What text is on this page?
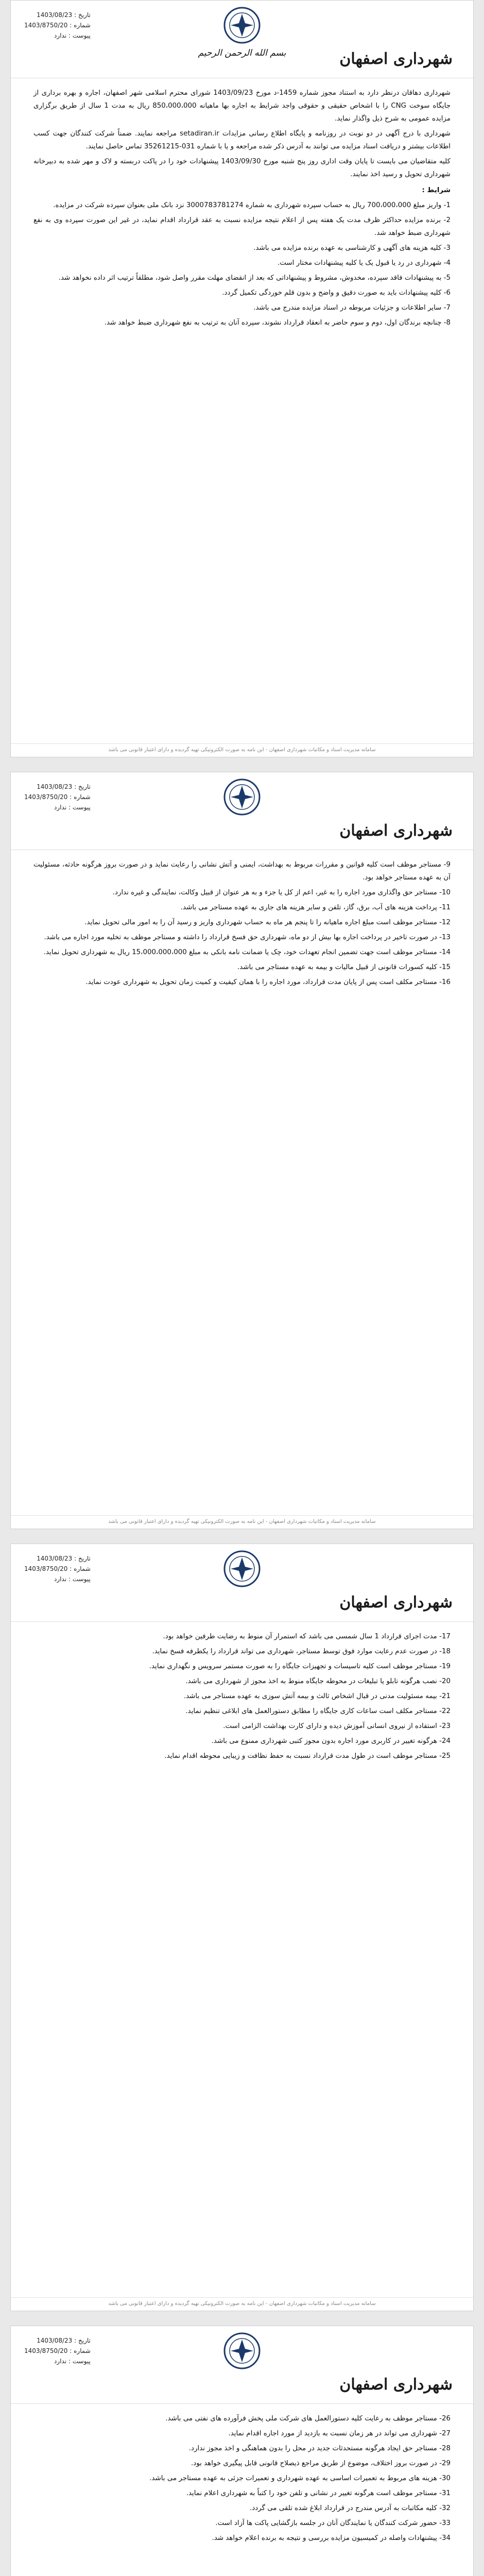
تاریخ : 1403/08/23
شماره : 1403/8750/20
پیوست : ندارد
بسم الله الرحمن الرحیم	شهرداری اصفهان

شهرداری دهاقان درنظر دارد به استناد مجوز شماره 1459-د مورخ 1403/09/23 شورای محترم اسلامی شهر اصفهان، اجاره و بهره برداری از جایگاه سوخت CNG را با اشخاص حقیقی و حقوقی واجد شرایط به اجاره بها ماهیانه 850،000،000 ریال به مدت 1 سال از طریق برگزاری مزایده عمومی به شرح ذیل واگذار نماید.

شهرداری با درج آگهی در دو نوبت در روزنامه و پایگاه اطلاع رسانی مزایدات setadiran.ir مراجعه نمایند. ضمناً شرکت کنندگان جهت کسب اطلاعات بیشتر و دریافت اسناد مزایده می توانند به آدرس ذکر شده مراجعه و یا با شماره 031-35261215 تماس حاصل نمایند.

کلیه متقاضیان می بایست تا پایان وقت اداری روز پنج شنبه مورخ 1403/09/30 پیشنهادات خود را در پاکت دربسته و لاک و مهر شده به دبیرخانه شهرداری تحویل و رسید اخذ نمایند.

شرایط :

1- واریز مبلغ 700،000،000 ریال به حساب سپرده شهرداری به شماره 3000783781274 نزد بانک ملی بعنوان سپرده شرکت در مزایده.

2- برنده مزایده حداکثر ظرف مدت یک هفته پس از اعلام نتیجه مزایده نسبت به عقد قرارداد اقدام نماید، در غیر این صورت سپرده وی به نفع شهرداری ضبط خواهد شد.

3- کلیه هزینه های آگهی و کارشناسی به عهده برنده مزایده می باشد.

4- شهرداری در رد یا قبول یک یا کلیه پیشنهادات مختار است.

5- به پیشنهادات فاقد سپرده، مخدوش، مشروط و پیشنهاداتی که بعد از انقضای مهلت مقرر واصل شود، مطلقاً ترتیب اثر داده نخواهد شد.

6- کلیه پیشنهادات باید به صورت دقیق و واضح و بدون قلم خوردگی تکمیل گردد.

7- سایر اطلاعات و جزئیات مربوطه در اسناد مزایده مندرج می باشد.

8- چنانچه برندگان اول، دوم و سوم حاضر به انعقاد قرارداد نشوند، سپرده آنان به ترتیب به نفع شهرداری ضبط خواهد شد.

سامانه مدیریت اسناد و مکاتبات شهرداری اصفهان - این نامه به صورت الکترونیکی تهیه گردیده و دارای اعتبار قانونی می باشد
تاریخ : 1403/08/23
شماره : 1403/8750/20
پیوست : ندارد
شهرداری اصفهان

9- مستاجر موظف است کلیه قوانین و مقررات مربوط به بهداشت، ایمنی و آتش نشانی را رعایت نماید و در صورت بروز هرگونه حادثه، مسئولیت آن به عهده مستاجر خواهد بود.

10- مستاجر حق واگذاری مورد اجاره را به غیر، اعم از کل یا جزء و به هر عنوان از قبیل وکالت، نمایندگی و غیره ندارد.

11- پرداخت هزینه های آب، برق، گاز، تلفن و سایر هزینه های جاری به عهده مستاجر می باشد.

12- مستاجر موظف است مبلغ اجاره ماهیانه را تا پنجم هر ماه به حساب شهرداری واریز و رسید آن را به امور مالی تحویل نماید.

13- در صورت تاخیر در پرداخت اجاره بها بیش از دو ماه، شهرداری حق فسخ قرارداد را داشته و مستاجر موظف به تخلیه مورد اجاره می باشد.

14- مستاجر موظف است جهت تضمین انجام تعهدات خود، چک یا ضمانت نامه بانکی به مبلغ 15،000،000،000 ریال به شهرداری تحویل نماید.

15- کلیه کسورات قانونی از قبیل مالیات و بیمه به عهده مستاجر می باشد.

16- مستاجر مکلف است پس از پایان مدت قرارداد، مورد اجاره را با همان کیفیت و کمیت زمان تحویل به شهرداری عودت نماید.

سامانه مدیریت اسناد و مکاتبات شهرداری اصفهان - این نامه به صورت الکترونیکی تهیه گردیده و دارای اعتبار قانونی می باشد
تاریخ : 1403/08/23
شماره : 1403/8750/20
پیوست : ندارد
شهرداری اصفهان

17- مدت اجرای قرارداد 1 سال شمسی می باشد که استمرار آن منوط به رضایت طرفین خواهد بود.

18- در صورت عدم رعایت موارد فوق توسط مستاجر، شهرداری می تواند قرارداد را یکطرفه فسخ نماید.

19- مستاجر موظف است کلیه تاسیسات و تجهیزات جایگاه را به صورت مستمر سرویس و نگهداری نماید.

20- نصب هرگونه تابلو یا تبلیغات در محوطه جایگاه منوط به اخذ مجوز از شهرداری می باشد.

21- بیمه مسئولیت مدنی در قبال اشخاص ثالث و بیمه آتش سوزی به عهده مستاجر می باشد.

22- مستاجر مکلف است ساعات کاری جایگاه را مطابق دستورالعمل های ابلاغی تنظیم نماید.

23- استفاده از نیروی انسانی آموزش دیده و دارای کارت بهداشت الزامی است.

24- هرگونه تغییر در کاربری مورد اجاره بدون مجوز کتبی شهرداری ممنوع می باشد.

25- مستاجر موظف است در طول مدت قرارداد نسبت به حفظ نظافت و زیبایی محوطه اقدام نماید.

سامانه مدیریت اسناد و مکاتبات شهرداری اصفهان - این نامه به صورت الکترونیکی تهیه گردیده و دارای اعتبار قانونی می باشد
تاریخ : 1403/08/23
شماره : 1403/8750/20
پیوست : ندارد
شهرداری اصفهان

26- مستاجر موظف به رعایت کلیه دستورالعمل های شرکت ملی پخش فرآورده های نفتی می باشد.

27- شهرداری می تواند در هر زمان نسبت به بازدید از مورد اجاره اقدام نماید.

28- مستاجر حق ایجاد هرگونه مستحدثات جدید در محل را بدون هماهنگی و اخذ مجوز ندارد.

29- در صورت بروز اختلاف، موضوع از طریق مراجع ذیصلاح قانونی قابل پیگیری خواهد بود.

30- هزینه های مربوط به تعمیرات اساسی به عهده شهرداری و تعمیرات جزئی به عهده مستاجر می باشد.

31- مستاجر موظف است هرگونه تغییر در نشانی و تلفن خود را کتباً به شهرداری اعلام نماید.

32- کلیه مکاتبات به آدرس مندرج در قرارداد ابلاغ شده تلقی می گردد.

33- حضور شرکت کنندگان یا نمایندگان آنان در جلسه بازگشایی پاکت ها آزاد است.

34- پیشنهادات واصله در کمیسیون مزایده بررسی و نتیجه به برنده اعلام خواهد شد.
